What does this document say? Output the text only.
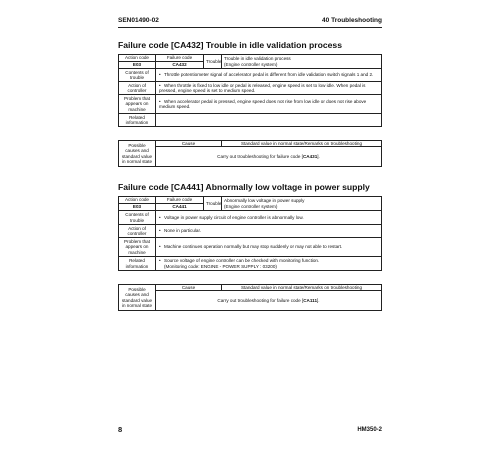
SEN01490-02	40 Troubleshooting
Failure code [CA432] Trouble in idle validation process
Action code	Failure code	Trouble	Trouble in idle validation process
(Engine controller system)

E03	CA432		
Contents of trouble	• Throttle potentiometer signal of accelerator pedal is different from idle validation switch signals 1 and 2.		
Action of controller	• When throttle is fixed to low idle or pedal is released, engine speed is set to low idle. When pedal is pressed, engine speed is set to medium speed.		
Problem that appears on machine	• When accelerator pedal is pressed, engine speed does not rise from low idle or does not rise above medium speed.		
Related information			
Possible causes and standard value in normal state	Cause	Standard value in normal state/Remarks on troubleshooting
Carry out troubleshooting for failure code [CA431].
Failure code [CA441] Abnormally low voltage in power supply
Action code	Failure code	Trouble	Abnormally low voltage in power supply
(Engine controller system)

E03	CA441		
Contents of trouble	• Voltage in power supply circuit of engine controller is abnormally low.		
Action of controller	• None in particular.		
Problem that appears on machine	• Machine continues operation normally but may stop suddenly or may not able to restart.		
Related information	• Source voltage of engine controller can be checked with monitoring function.
(Monitoring code: ENGINE - POWER SUPPLY : 03200)		
Possible causes and standard value in normal state	Cause	Standard value in normal state/Remarks on troubleshooting
Carry out troubleshooting for failure code [CA111].
8	HM350-2
